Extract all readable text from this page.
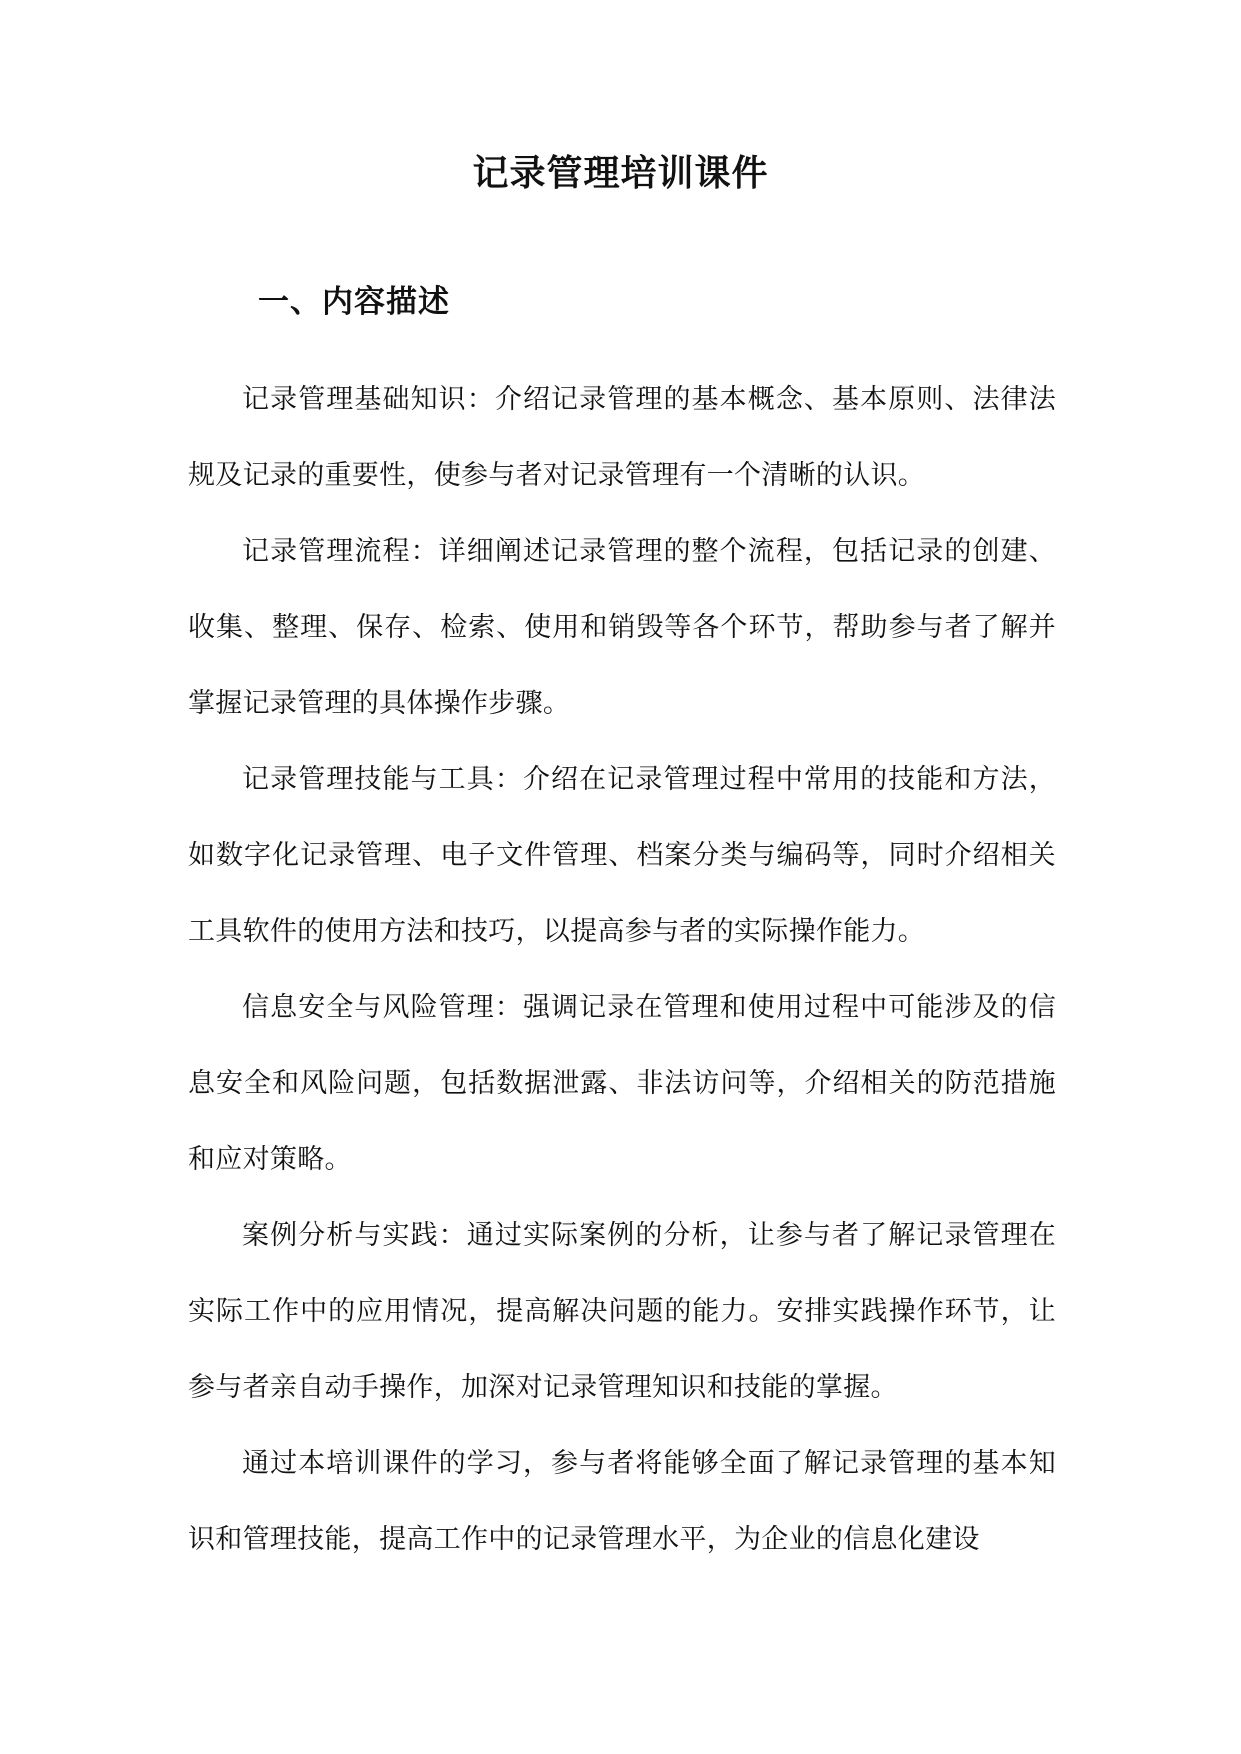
记录管理培训课件
一、内容描述

记录管理基础知识：介绍记录管理的基本概念、基本原则、法律法规及记录的重要性，使参与者对记录管理有一个清晰的认识。

记录管理流程：详细阐述记录管理的整个流程，包括记录的创建、收集、整理、保存、检索、使用和销毁等各个环节，帮助参与者了解并掌握记录管理的具体操作步骤。

记录管理技能与工具：介绍在记录管理过程中常用的技能和方法，如数字化记录管理、电子文件管理、档案分类与编码等，同时介绍相关工具软件的使用方法和技巧，以提高参与者的实际操作能力。

信息安全与风险管理：强调记录在管理和使用过程中可能涉及的信息安全和风险问题，包括数据泄露、非法访问等，介绍相关的防范措施和应对策略。

案例分析与实践：通过实际案例的分析，让参与者了解记录管理在实际工作中的应用情况，提高解决问题的能力。安排实践操作环节，让参与者亲自动手操作，加深对记录管理知识和技能的掌握。

通过本培训课件的学习，参与者将能够全面了解记录管理的基本知识和管理技能，提高工作中的记录管理水平，为企业的信息化建设
